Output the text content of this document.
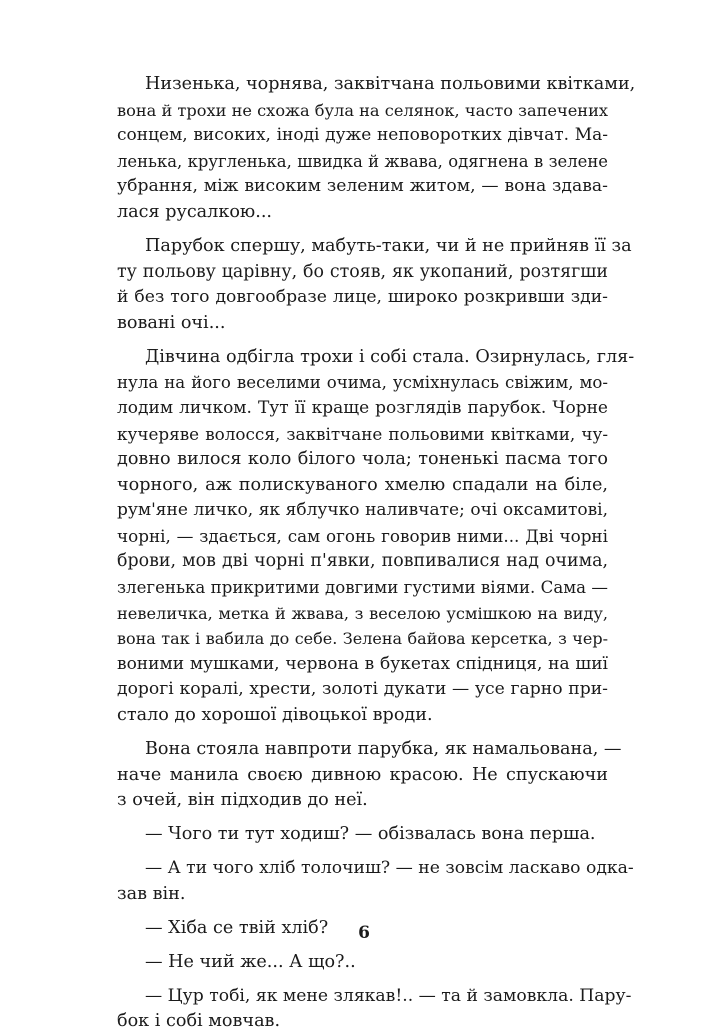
Низенька, чорнява, заквітчана польовими квітками,
вона й трохи не схожа була на селянок, часто запечених
сонцем, високих, іноді дуже неповоротких дівчат. Ма-
ленька, кругленька, швидка й жвава, одягнена в зелене
убрання, між високим зеленим житом, — вона здава-
лася русалкою...
Парубок спершу, мабуть-таки, чи й не прийняв її за
ту польову царівну, бо стояв, як укопаний, розтягши
й без того довгообразе лице, широко розкривши зди-
вовані очі...
Дівчина одбігла трохи і собі стала. Озирнулась, гля-
нула на його веселими очима, усміхнулась свіжим, мо-
лодим личком. Тут її краще розглядів парубок. Чорне
кучеряве волосся, заквітчане польовими квітками, чу-
довно вилося коло білого чола; тоненькі пасма того
чорного, аж полискуваного хмелю спадали на біле,
рум'яне личко, як яблучко наливчате; очі оксамитові,
чорні, — здається, сам огонь говорив ними... Дві чорні
брови, мов дві чорні п'явки, повпивалися над очима,
злегенька прикритими довгими густими віями. Сама —
невеличка, метка й жвава, з веселою усмішкою на виду,
вона так і вабила до себе. Зелена байова керсетка, з чер-
воними мушками, червона в букетах спідниця, на шиї
дорогі коралі, хрести, золоті дукати — усе гарно при-
стало до хорошої дівоцької вроди.
Вона стояла навпроти парубка, як намальована, —
наче манила своєю дивною красою. Не спускаючи
з очей, він підходив до неї.
— Чого ти тут ходиш? — обізвалась вона перша.
— А ти чого хліб толочиш? — не зовсім ласкаво одка-
зав він.
— Хіба се твій хліб?
— Не чий же... А що?..
— Цур тобі, як мене злякав!.. — та й замовкла. Пару-
бок і собі мовчав.
6
